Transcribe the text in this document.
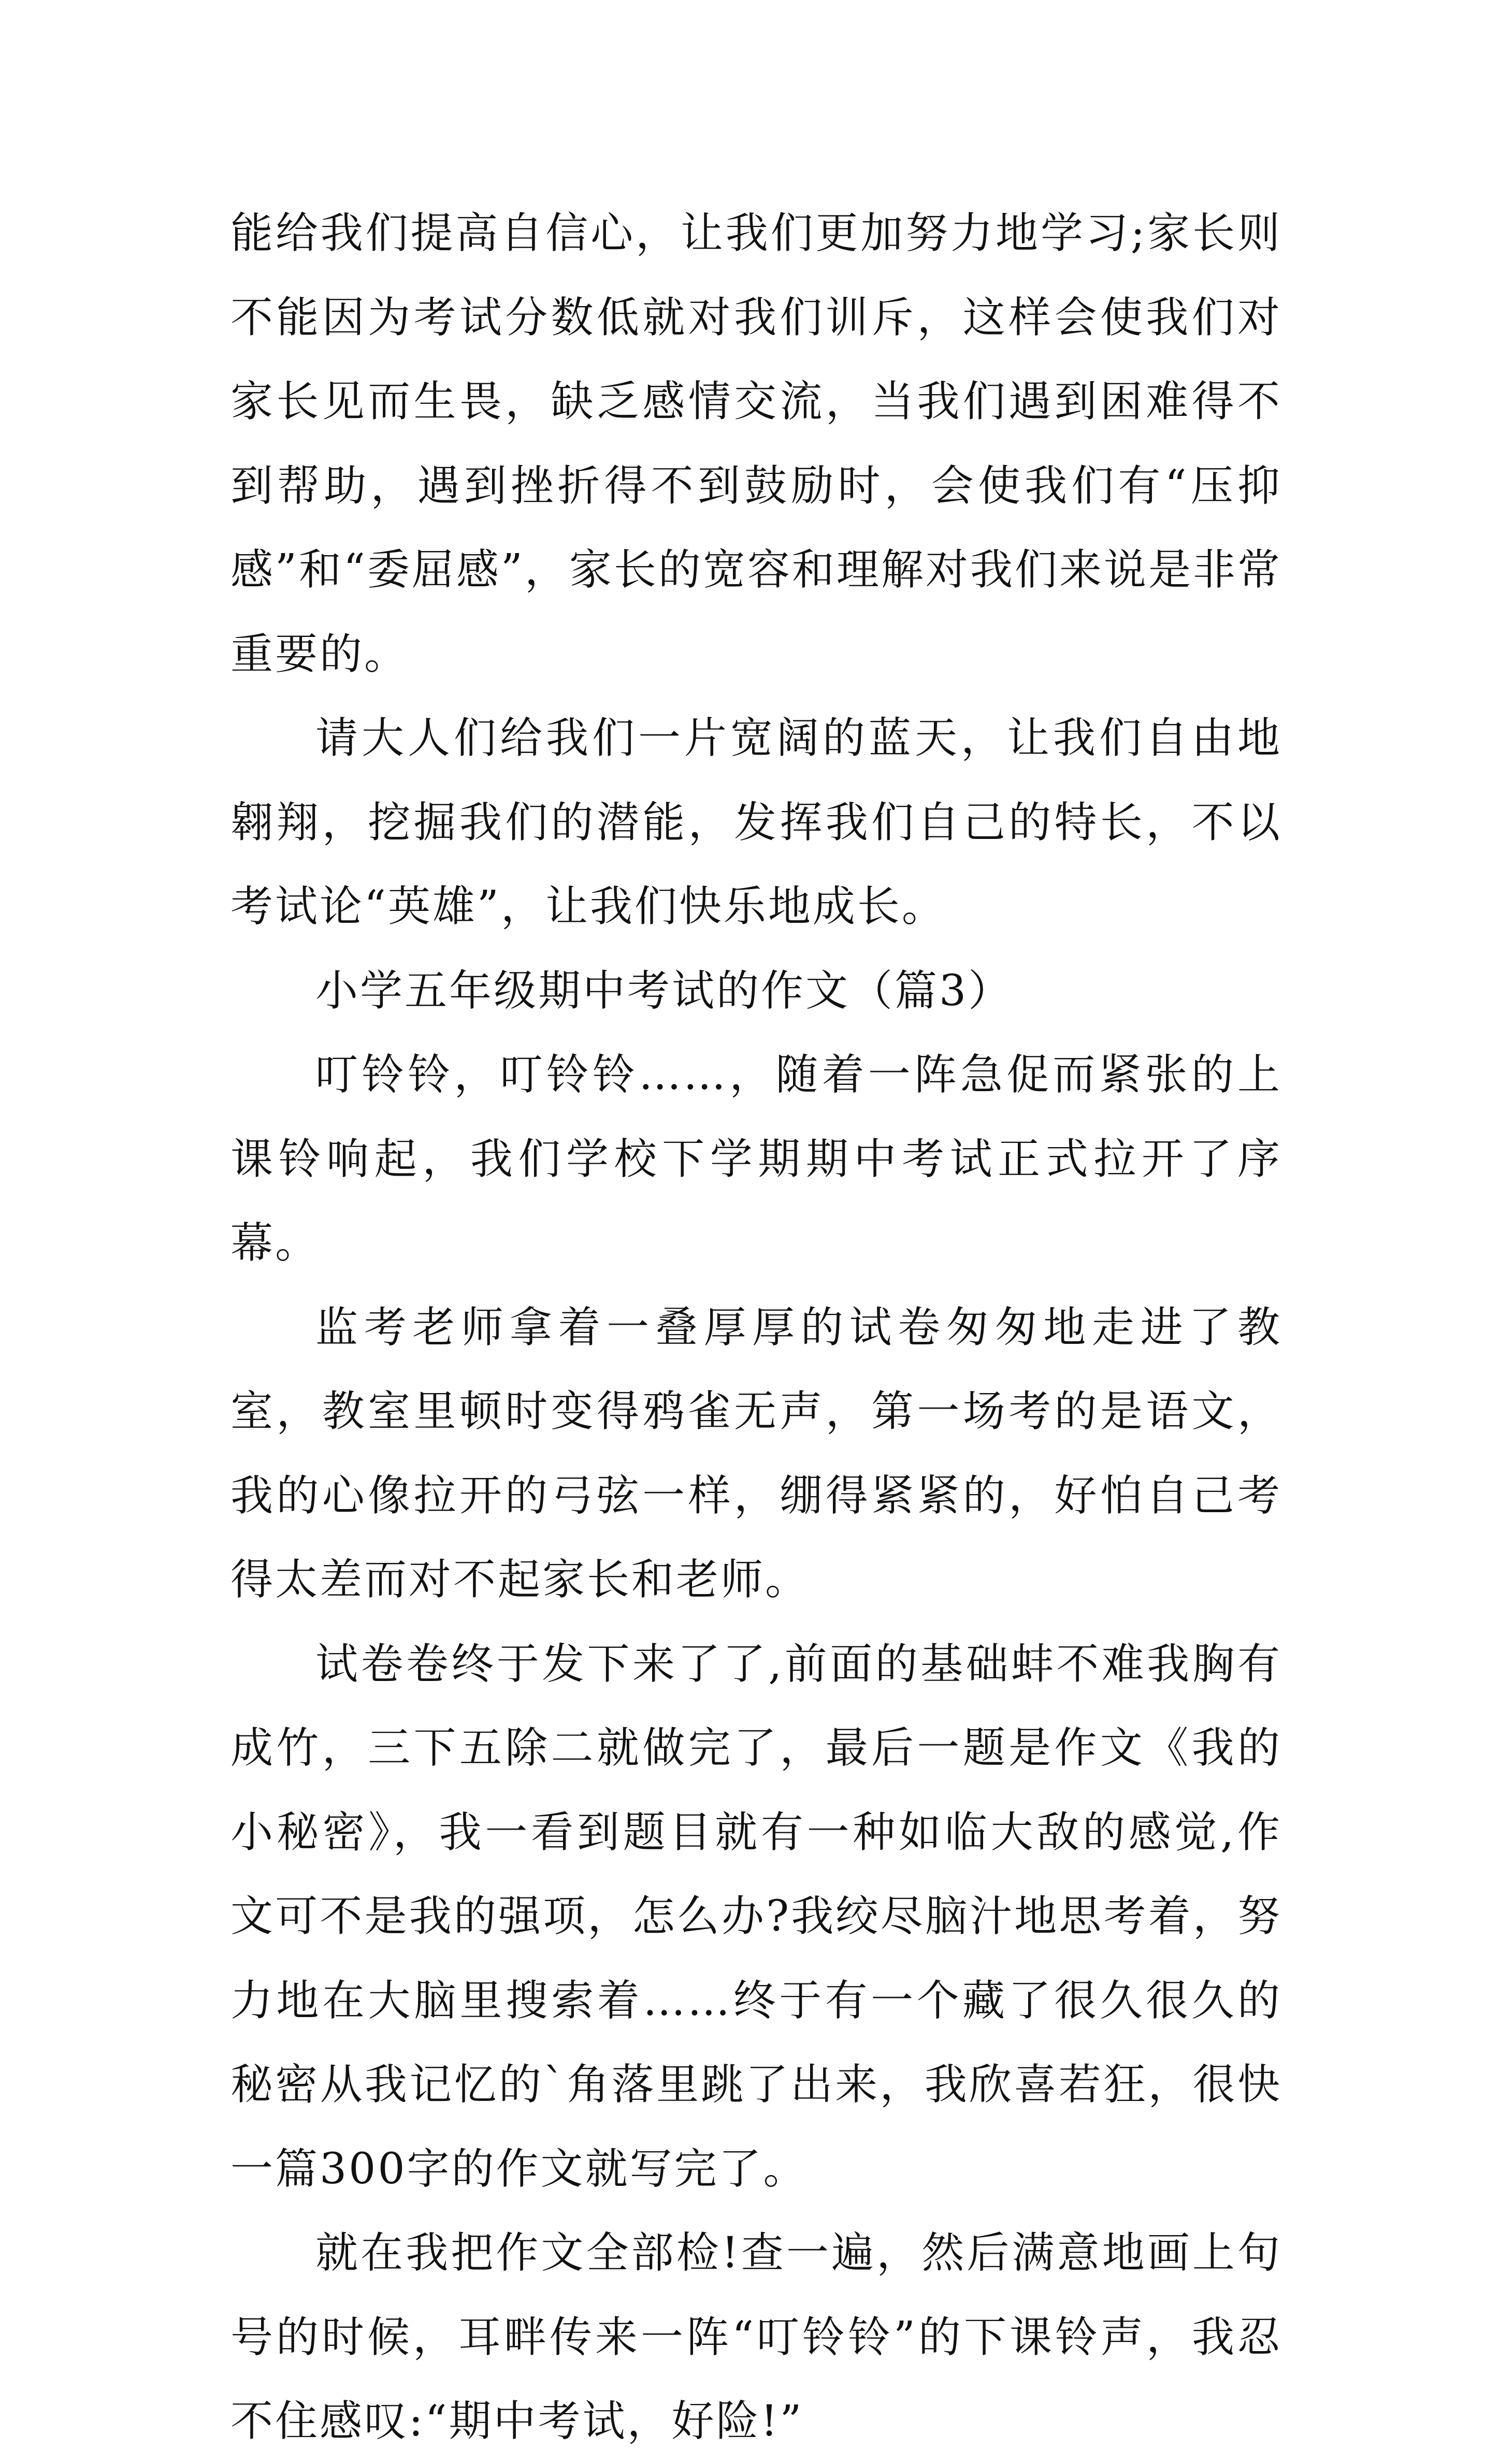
能给我们提高自信心，让我们更加努力地学习;家长则不能因为考试分数低就对我们训斥，这样会使我们对家长见而生畏，缺乏感情交流，当我们遇到困难得不到帮助，遇到挫折得不到鼓励时，会使我们有“压抑感”和“委屈感”，家长的宽容和理解对我们来说是非常重要的。

请大人们给我们一片宽阔的蓝天，让我们自由地翱翔，挖掘我们的潜能，发挥我们自己的特长，不以考试论“英雄”，让我们快乐地成长。

小学五年级期中考试的作文（篇3）

叮铃铃，叮铃铃……，随着一阵急促而紧张的上课铃响起，我们学校下学期期中考试正式拉开了序幕。

监考老师拿着一叠厚厚的试卷匆匆地走进了教室，教室里顿时变得鸦雀无声，第一场考的是语文，我的心像拉开的弓弦一样，绷得紧紧的，好怕自己考得太差而对不起家长和老师。

试卷卷终于发下来了了,前面的基础蚌不难我胸有成竹，三下五除二就做完了，最后一题是作文《我的小秘密》，我一看到题目就有一种如临大敌的感觉,作文可不是我的强项，怎么办?我绞尽脑汁地思考着，努力地在大脑里搜索着……终于有一个藏了很久很久的秘密从我记忆的`角落里跳了出来，我欣喜若狂，很快一篇300字的作文就写完了。

就在我把作文全部检!查一遍，然后满意地画上句号的时候，耳畔传来一阵“叮铃铃”的下课铃声，我忍不住感叹:“期中考试，好险!”
